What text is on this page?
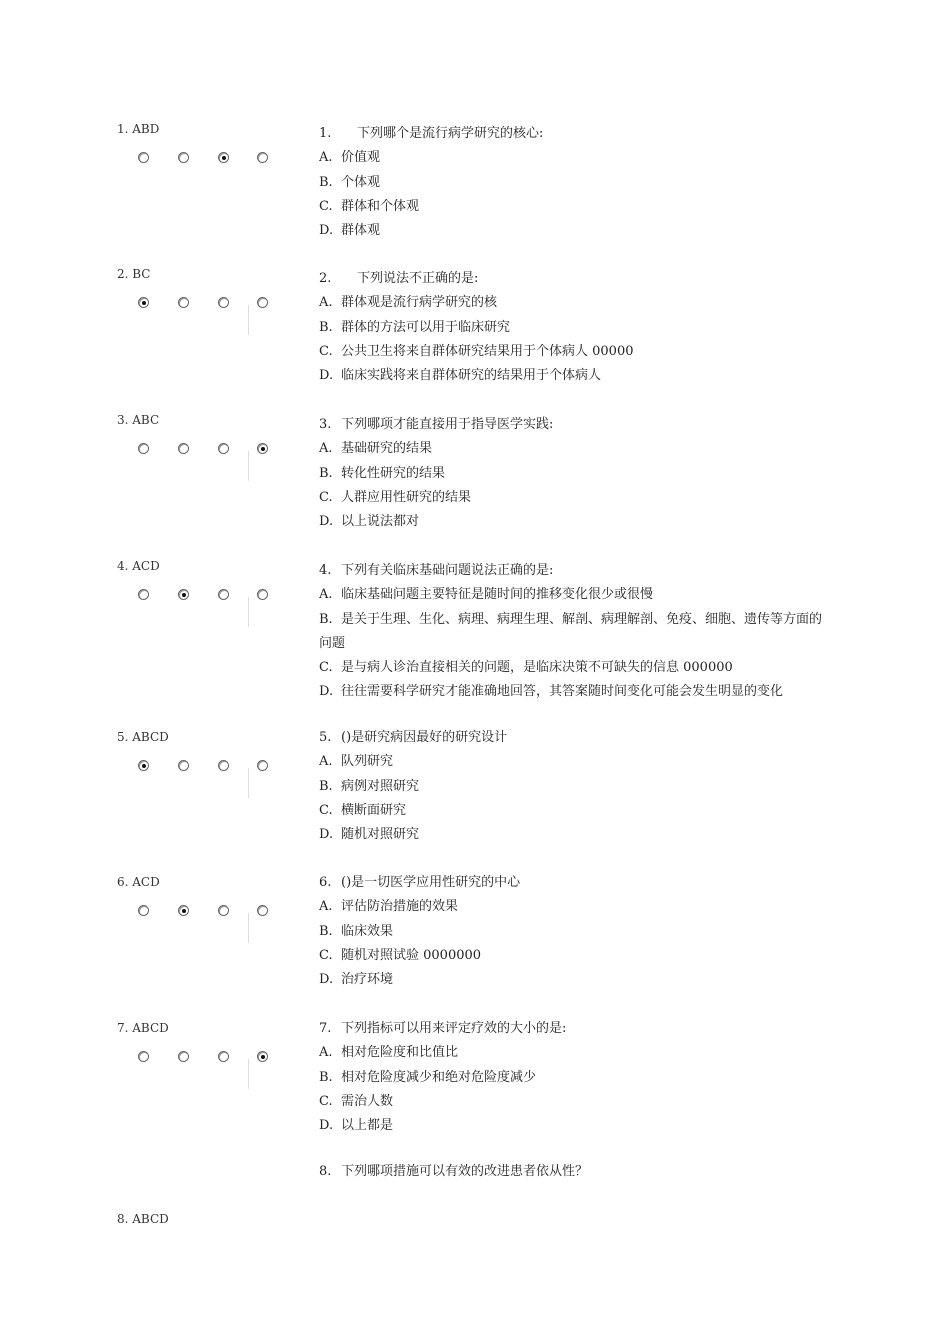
1. ABD	1. 下列哪个是流行病学研究的核心:
A. 价值观
B. 个体观
C. 群体和个体观
D. 群体观
2. BC	2. 下列说法不正确的是:
A. 群体观是流行病学研究的核
B. 群体的方法可以用于临床研究
C. 公共卫生将来自群体研究结果用于个体病人 00000
D. 临床实践将来自群体研究的结果用于个体病人
3. ABC	3. 下列哪项才能直接用于指导医学实践:
A. 基础研究的结果
B. 转化性研究的结果
C. 人群应用性研究的结果
D. 以上说法都对
4. ACD	4. 下列有关临床基础问题说法正确的是:
A. 临床基础问题主要特征是随时间的推移变化很少或很慢
B. 是关于生理、生化、病理、病理生理、解剖、病理解剖、免疫、细胞、遗传等方面的问题
C. 是与病人诊治直接相关的问题，是临床决策不可缺失的信息 000000
D. 往往需要科学研究才能准确地回答，其答案随时间变化可能会发生明显的变化
5. ABCD	5. ()是研究病因最好的研究设计
A. 队列研究
B. 病例对照研究
C. 横断面研究
D. 随机对照研究
6. ACD	6. ()是一切医学应用性研究的中心
A. 评估防治措施的效果
B. 临床效果
C. 随机对照试验 0000000
D. 治疗环境
7. ABCD	7. 下列指标可以用来评定疗效的大小的是:
A. 相对危险度和比值比
B. 相对危险度减少和绝对危险度减少
C. 需治人数
D. 以上都是
8. 下列哪项措施可以有效的改进患者依从性？
8. ABCD
